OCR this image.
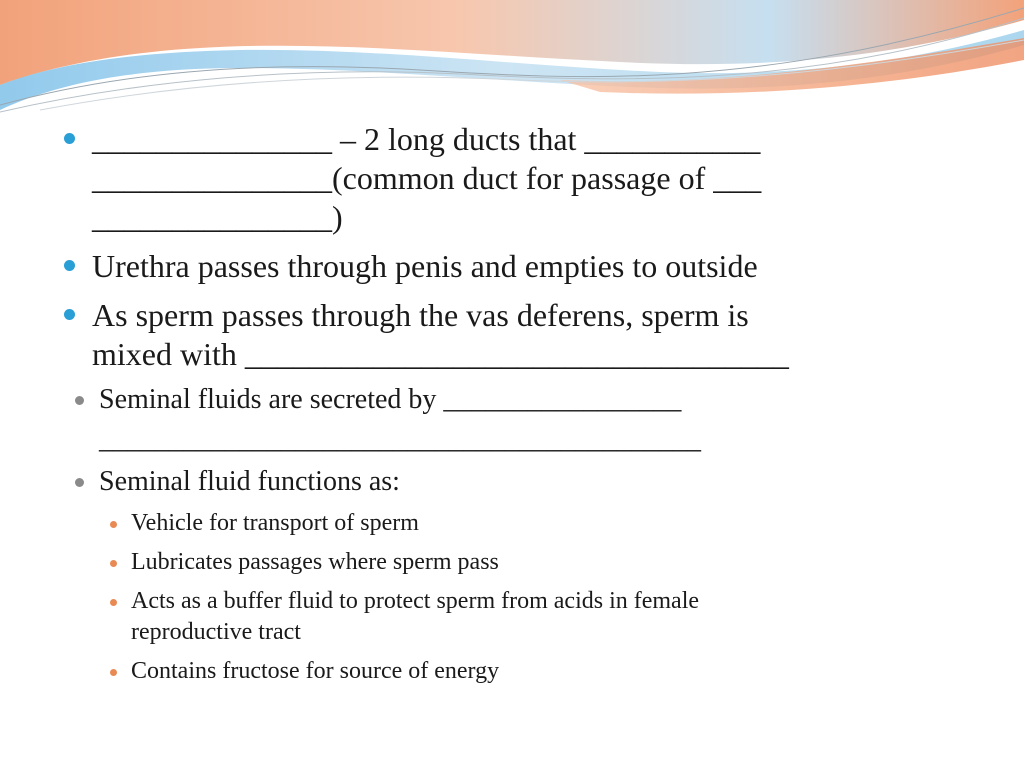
_______________ – 2 long ducts that ___________
_______________(common duct for passage of ___
_______________)
Urethra passes through penis and empties to outside
As sperm passes through the vas deferens, sperm is
mixed with __________________________________
Seminal fluids are secreted by _________________
___________________________________________
Seminal fluid functions as:
Vehicle for transport of sperm
Lubricates passages where sperm pass
Acts as a buffer fluid to protect sperm from acids in female
reproductive tract
Contains fructose for source of energy
